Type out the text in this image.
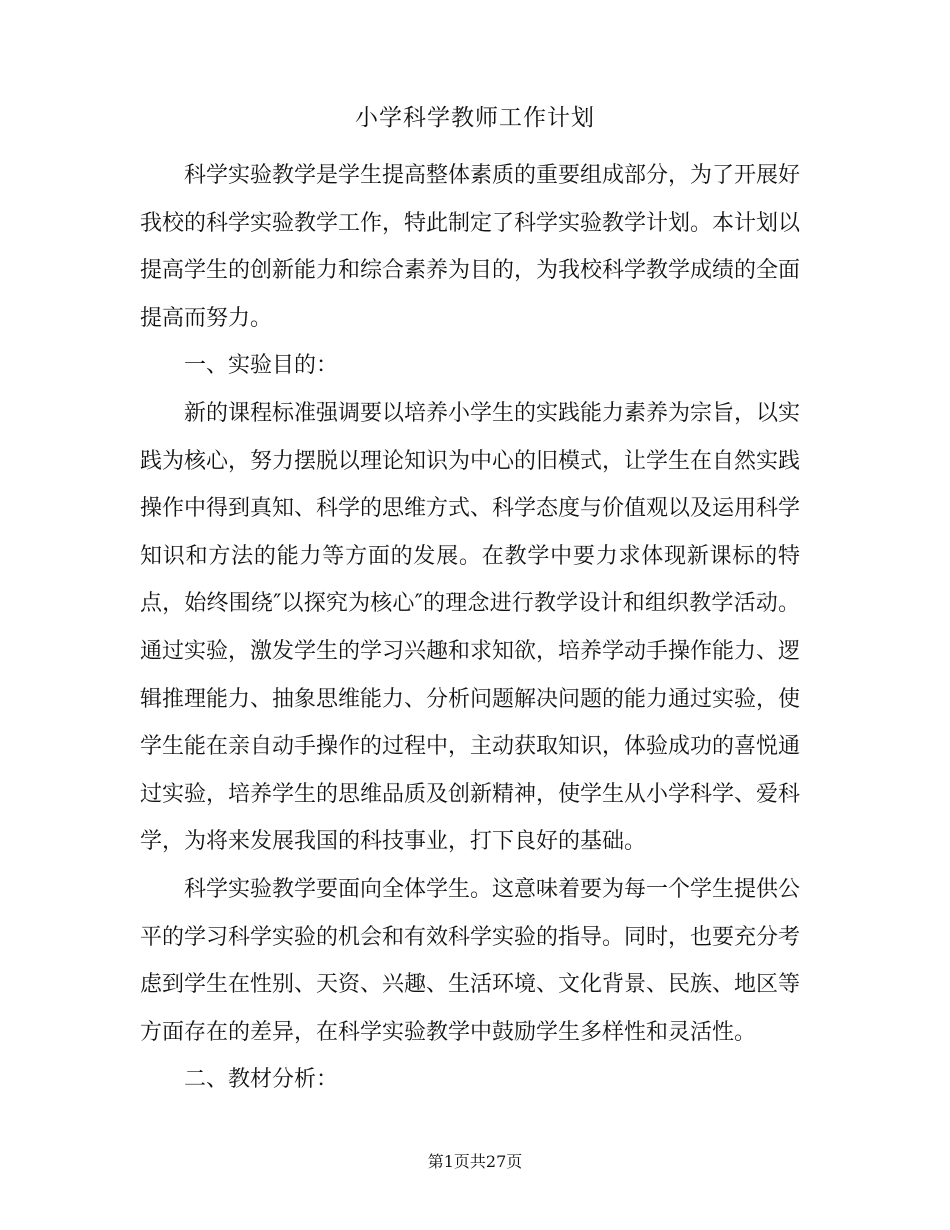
小学科学教师工作计划

科学实验教学是学生提高整体素质的重要组成部分，为了开展好我校的科学实验教学工作，特此制定了科学实验教学计划。本计划以提高学生的创新能力和综合素养为目的，为我校科学教学成绩的全面提高而努力。

一、实验目的：

新的课程标准强调要以培养小学生的实践能力素养为宗旨，以实践为核心，努力摆脱以理论知识为中心的旧模式，让学生在自然实践操作中得到真知、科学的思维方式、科学态度与价值观以及运用科学知识和方法的能力等方面的发展。在教学中要力求体现新课标的特点，始终围绕″以探究为核心″的理念进行教学设计和组织教学活动。通过实验，激发学生的学习兴趣和求知欲，培养学动手操作能力、逻辑推理能力、抽象思维能力、分析问题解决问题的能力通过实验，使学生能在亲自动手操作的过程中，主动获取知识，体验成功的喜悦通过实验，培养学生的思维品质及创新精神，使学生从小学科学、爱科学，为将来发展我国的科技事业，打下良好的基础。

科学实验教学要面向全体学生。这意味着要为每一个学生提供公平的学习科学实验的机会和有效科学实验的指导。同时，也要充分考虑到学生在性别、天资、兴趣、生活环境、文化背景、民族、地区等方面存在的差异，在科学实验教学中鼓励学生多样性和灵活性。

二、教材分析：

第1页共27页
